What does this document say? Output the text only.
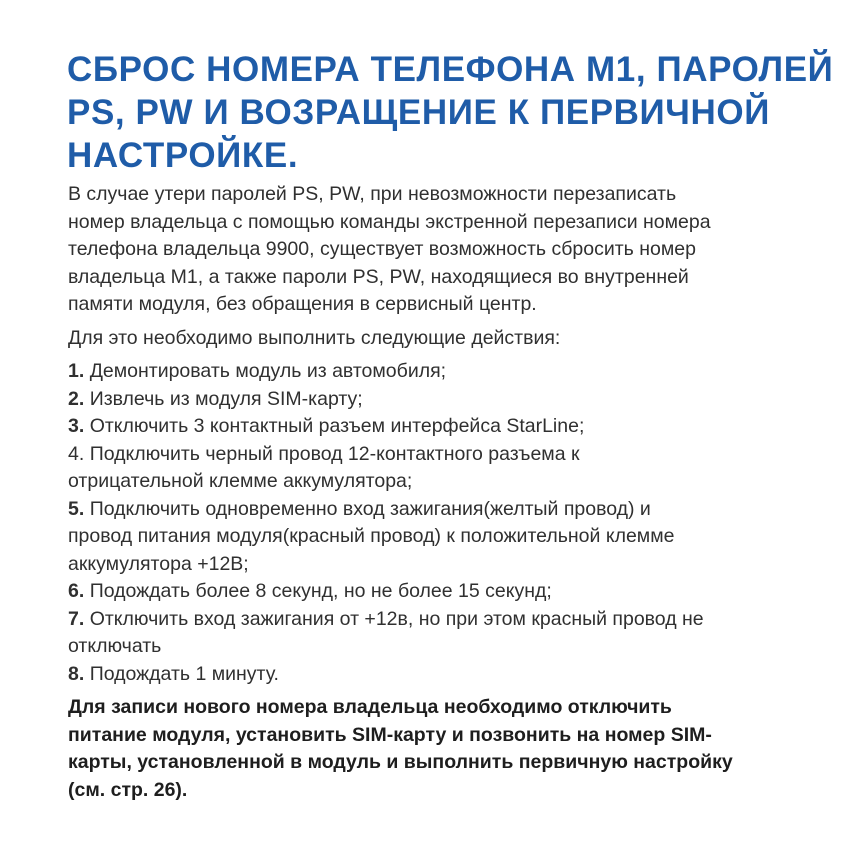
СБРОС НОМЕРА ТЕЛЕФОНА М1, ПАРОЛЕЙ
PS, PW И ВОЗРАЩЕНИЕ К ПЕРВИЧНОЙ
НАСТРОЙКЕ.
В случае утери паролей PS, PW, при невозможности перезаписать
номер владельца с помощью команды экстренной перезаписи номера
телефона владельца 9900, существует возможность сбросить номер
владельца М1, а также пароли PS, PW, находящиеся во внутренней
памяти модуля, без обращения в сервисный центр.
Для это необходимо выполнить следующие действия:
1. Демонтировать модуль из автомобиля;
2. Извлечь из модуля SIM-карту;
3. Отключить 3 контактный разъем интерфейса StarLine;
4. Подключить черный провод 12-контактного разъема к
отрицательной клемме аккумулятора;
5. Подключить одновременно вход зажигания(желтый провод) и
провод питания модуля(красный провод) к положительной клемме
аккумулятора +12В;
6. Подождать более 8 секунд, но не более 15 секунд;
7. Отключить вход зажигания от +12в, но при этом красный провод не
отключать
8. Подождать 1 минуту.
Для записи нового номера владельца необходимо отключить
питание модуля, установить SIM-карту и позвонить на номер SIM-
карты, установленной в модуль и выполнить первичную настройку
(см. стр. 26).
